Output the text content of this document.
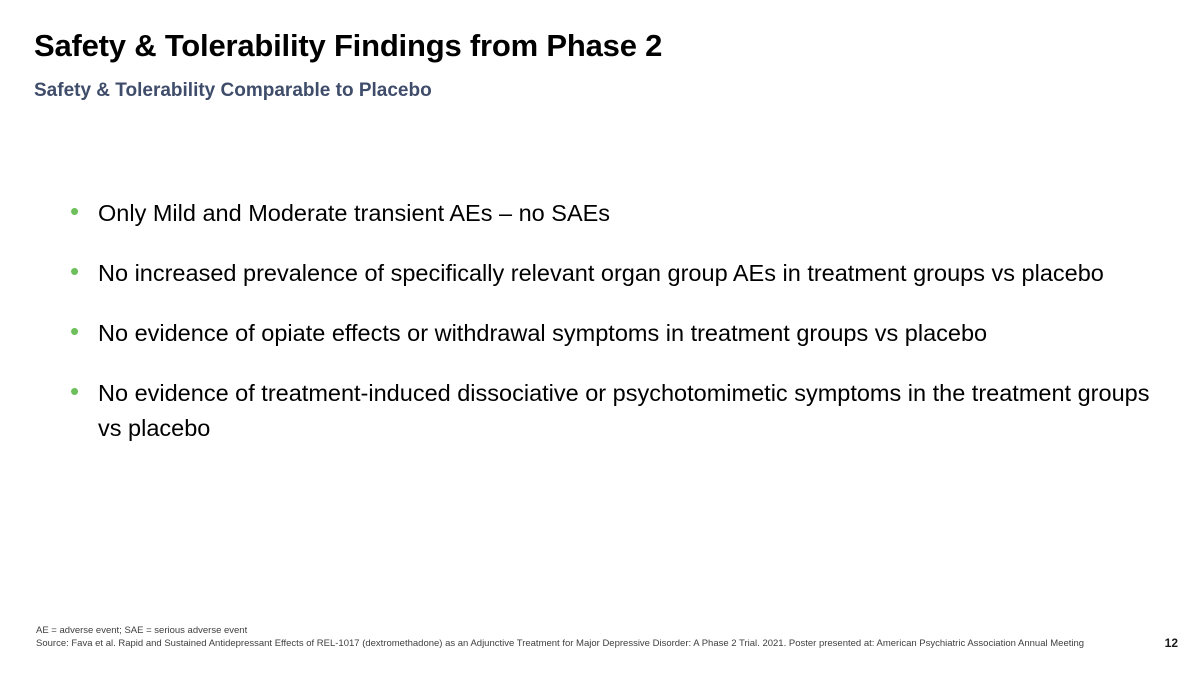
Safety & Tolerability Findings from Phase 2
Safety & Tolerability Comparable to Placebo
• Only Mild and Moderate transient AEs – no SAEs
• No increased prevalence of specifically relevant organ group AEs in treatment groups vs placebo
• No evidence of opiate effects or withdrawal symptoms in treatment groups vs placebo
• No evidence of treatment-induced dissociative or psychotomimetic symptoms in the treatment groups vs placebo
AE = adverse event; SAE = serious adverse event
Source: Fava et al. Rapid and Sustained Antidepressant Effects of REL-1017 (dextromethadone) as an Adjunctive Treatment for Major Depressive Disorder: A Phase 2 Trial. 2021. Poster presented at: American Psychiatric Association Annual Meeting	12
